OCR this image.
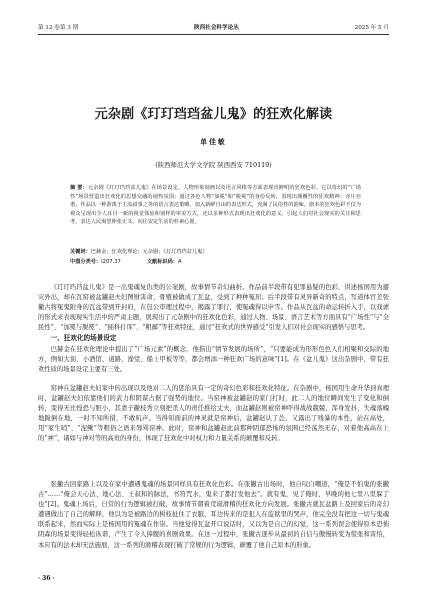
第 12 卷第 3 期	陕西社会科学论丛	2025 年 5 月
元杂剧《玎玎珰珰盆儿鬼》的狂欢化解读
单佳敏
(陕西师范大学文学院 陕西西安 710119)
摘 要：元杂剧《玎玎珰珰盆儿鬼》在场景设定、人物形象刻画以及语言风格等方面表现出鲜明的狂欢色彩。它以奇幻的“广场性”场景营造出狂欢化的思想交融的闹热氛围；通过各色人物“加冕”和“脱冕”的身份反转，表现出颠覆性的狂欢精神；亦庄亦谐、作品以一种游离于主流叙事之外的语言表达策略，加入新鲜自由的表达形式，充满了民俗性的韵味。剧本的狂欢色彩不仅为观众呈现出令人耳目一新的视觉体验和别样的审美方式，还以多种形式表现出狂欢化的意义，引起人们对社会现实的关注和思考，表达人民渴望伸张正义、向往安定生活的朴素心愿。
关键词：巴赫金；狂欢化理论；元杂剧；《玎玎珰珰盆儿鬼》
中图分类号：I207.37	文献标识码：A

《玎玎珰珰盆儿鬼》是一出鬼魂复仇类的公案剧，故事情节奇幻曲折。作品前半段带有犯罪悬疑的色彩，讲述杨国用为避灾外出，却在瓦窑被盆罐赵夫妇图财害命、骨殖被做成了瓦盆，受到了种种冤屈；后半段带有灵异新奇的特点，写道体官差张撇古将冤鬼附身的瓦盆带到开封府，在包公审理过程中，揭露了罪行，使冤魂得以申雪。作品从瓦盆的命运转折入手，以戏谑的形式来表现现实生活中的严肃主题，展现出了元杂剧中的狂欢化色彩，通过人物、场景、语言艺术等方面具有“广场性”与“全民性”、“加冕与脱冕”、“插科打诨”、“粗鄙”等狂欢特征，通过“狂欢式的世界感受”引发人们对社会现实的感悟与思考。

一、狂欢化的场景设定

巴赫金在狂欢化理论中提出了“广场元素”的概念，他指出“情节发展的场所”，“只要能成为形形色色人们相聚和交际的地方，例如大街、小酒馆、道路、澡堂、船上甲板等等，都会增添一种狂欢广场的意味”[1]。在《盆儿鬼》这出杂剧中，带有狂欢性质的场景设定主要有三处。

窑神在盆罐赵夫妇家中的出现以及他对二人的惩治具有一定的奇幻色彩和狂欢化特征。在杂剧中，杨国用生命升华到真理时，盆罐赵夫妇依靠他们的武力和阴谋占据了强势的地位。当窑神被盆罐赵的家门打时，此二人的地位瞬间发生了变化和倒转，变得无比惶恐与胆小，其妻子撇枝秀立刻把杀人的责任推给丈夫，而盆罐赵则被窑神吓得战战兢兢、浑身发抖，失魂落魄地跪倒在地，一时不知所措，不敢吭声。当得知面前的神灵就是窑神后，盆罐赵认了怂，又露出了残暴的本性，站在高处，用“家生哨”、“泥鳅”等粗俗之语来辱骂窑神。此时，窑神和盆罐赵此前那种阴郁恐怖的氛围已经荡然无存，对着他高高在上的“神”，诸如与神对等的高贵的身份，体现了狂欢化中对权力和力量关系的颠覆和反转。

张撇古回家路上以及在家中遭遇鬼魂的场景同样具有狂欢化色彩。在张撇古出场时，他自叹自嘲道，“俺是不怕鬼的张撇古”……“俺会天心法、地心法、王叔和的脉法，书符咒水，鬼来了都打发他去”。就有鬼，见了俺时，早晚的他七里八里躲了也”[2]。鬼魂上场后，日常的行为逻辑被打破，故事情节朝着荒诞滑稽的狂欢化方向发展。张撇古就瓦盆路上及回家后的奇幻遭遇做出了自己的解释，他以为是被路边的树枝扯住了衣服，耳边传来的是犯人在监狱里的哭声，他完全没有把这一切与鬼魂联系起来，然而实际上是杨国用的冤魂在作祟。当他觉得瓦盆开口说话时，又以为是自己的幻觉，这一系列误会使得原本恐怖阴森的场景变得轻松诙谐，产生了令人捧腹的喜剧效果。在这一过程中，张撇古逐步从最初的自信与傲慢转变为慌张和害怕，本应有的法术却无法施展，这一系列的滑稽表现打破了常规的行为逻辑，颠覆了他自己原本的形象。

· 36 ·
